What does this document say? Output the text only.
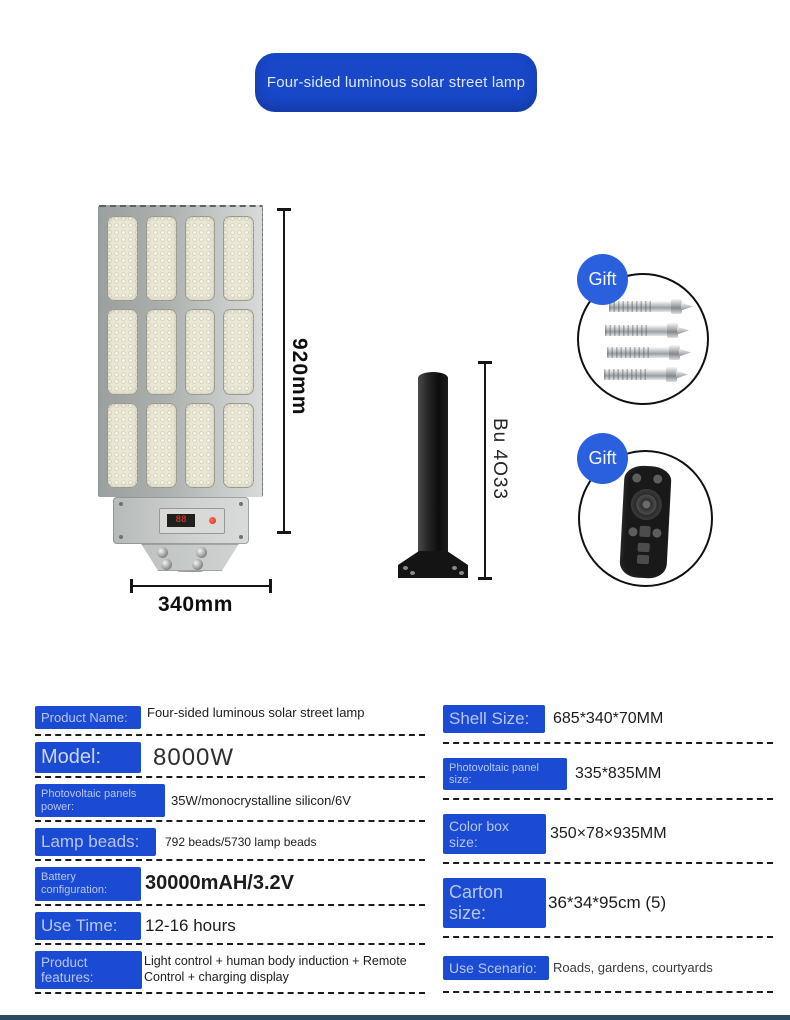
Four-sided luminous solar street lamp
88
920mm
340mm
Bu 4O33
Gift
Gift
Product Name:	Four-sided luminous solar street lamp
Model:	8000W
Photovoltaic panels power:	35W/monocrystalline silicon/6V
Lamp beads:	792 beads/5730 lamp beads
Battery configuration:	30000mAH/3.2V
Use Time:	12-16 hours
Product features:
Light control + human body induction + Remote Control + charging display
Shell Size:	685*340*70MM
Photovoltaic panel size:	335*835MM
Color box size:	350×78×935MM
Carton size:
36*34*95cm (5)
Use Scenario:	Roads, gardens, courtyards
